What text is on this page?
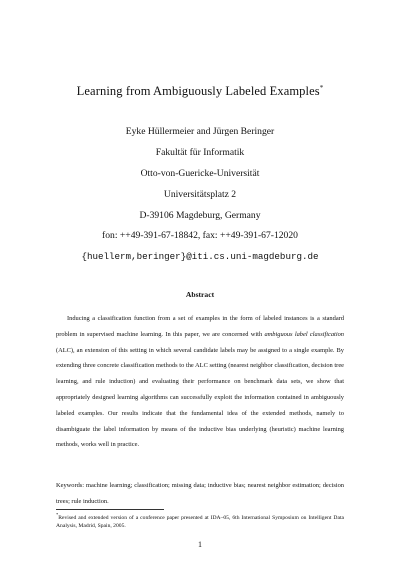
Learning from Ambiguously Labeled Examples*
Eyke Hüllermeier and Jürgen Beringer
Fakultät für Informatik
Otto-von-Guericke-Universität
Universitätsplatz 2
D-39106 Magdeburg, Germany
fon: ++49-391-67-18842, fax: ++49-391-67-12020
{huellerm,beringer}@iti.cs.uni-magdeburg.de
Abstract
Inducing a classification function from a set of examples in the form of labeled instances is a standard problem in supervised machine learning. In this paper, we are concerned with ambiguous label classification (ALC), an extension of this setting in which several candidate labels may be assigned to a single example. By extending three concrete classification methods to the ALC setting (nearest neighbor classification, decision tree learning, and rule induction) and evaluating their performance on benchmark data sets, we show that appropriately designed learning algorithms can successfully exploit the information contained in ambiguously labeled examples. Our results indicate that the fundamental idea of the extended methods, namely to disambiguate the label information by means of the inductive bias underlying (heuristic) machine learning methods, works well in practice.
Keywords: machine learning; classification; missing data; inductive bias; nearest neighbor estimation; decision trees; rule induction.
*Revised and extended version of a conference paper presented at IDA–05, 6th International Symposium on Intelligent Data Analysis, Madrid, Spain, 2005.
1
